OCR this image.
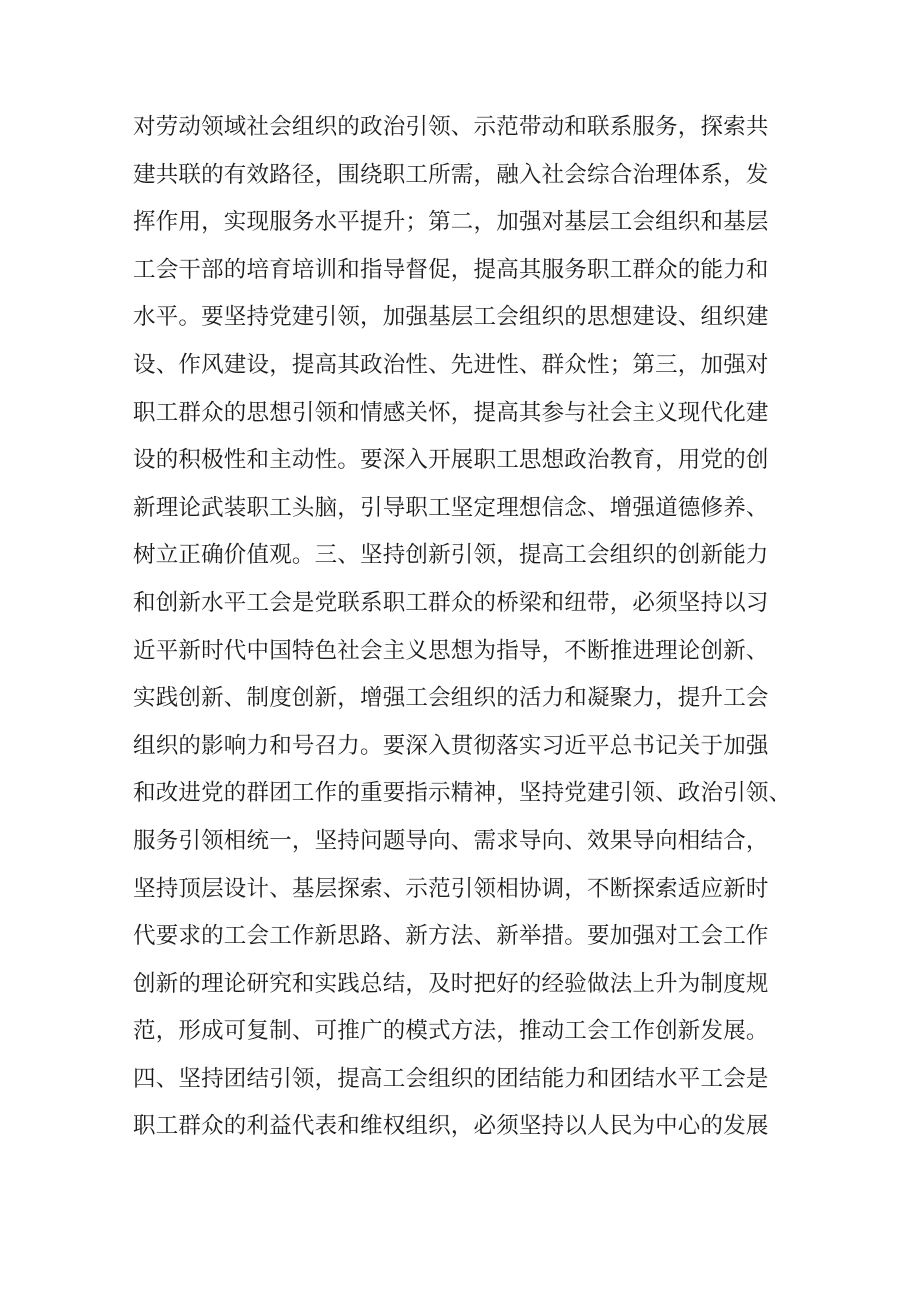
对劳动领域社会组织的政治引领、示范带动和联系服务，探索共
建共联的有效路径，围绕职工所需，融入社会综合治理体系，发
挥作用，实现服务水平提升；第二，加强对基层工会组织和基层
工会干部的培育培训和指导督促，提高其服务职工群众的能力和
水平。要坚持党建引领，加强基层工会组织的思想建设、组织建
设、作风建设，提高其政治性、先进性、群众性；第三，加强对
职工群众的思想引领和情感关怀，提高其参与社会主义现代化建
设的积极性和主动性。要深入开展职工思想政治教育，用党的创
新理论武装职工头脑，引导职工坚定理想信念、增强道德修养、
树立正确价值观。三、坚持创新引领，提高工会组织的创新能力
和创新水平工会是党联系职工群众的桥梁和纽带，必须坚持以习
近平新时代中国特色社会主义思想为指导，不断推进理论创新、
实践创新、制度创新，增强工会组织的活力和凝聚力，提升工会
组织的影响力和号召力。要深入贯彻落实习近平总书记关于加强
和改进党的群团工作的重要指示精神，坚持党建引领、政治引领、
服务引领相统一，坚持问题导向、需求导向、效果导向相结合，
坚持顶层设计、基层探索、示范引领相协调，不断探索适应新时
代要求的工会工作新思路、新方法、新举措。要加强对工会工作
创新的理论研究和实践总结，及时把好的经验做法上升为制度规
范，形成可复制、可推广的模式方法，推动工会工作创新发展。
四、坚持团结引领，提高工会组织的团结能力和团结水平工会是
职工群众的利益代表和维权组织，必须坚持以人民为中心的发展
